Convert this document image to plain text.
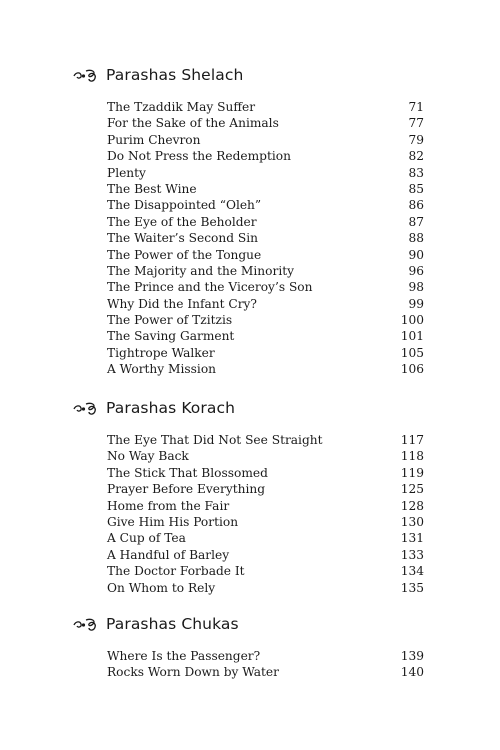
Parashas Shelach
The Tzaddik May Suffer	71
For the Sake of the Animals	77
Purim Chevron	79
Do Not Press the Redemption	82
Plenty	83
The Best Wine	85
The Disappointed “Oleh”	86
The Eye of the Beholder	87
The Waiter’s Second Sin	88
The Power of the Tongue	90
The Majority and the Minority	96
The Prince and the Viceroy’s Son	98
Why Did the Infant Cry?	99
The Power of Tzitzis	100
The Saving Garment	101
Tightrope Walker	105
A Worthy Mission	106
Parashas Korach
The Eye That Did Not See Straight	117
No Way Back	118
The Stick That Blossomed	119
Prayer Before Everything	125
Home from the Fair	128
Give Him His Portion	130
A Cup of Tea	131
A Handful of Barley	133
The Doctor Forbade It	134
On Whom to Rely	135
Parashas Chukas
Where Is the Passenger?	139
Rocks Worn Down by Water	140
